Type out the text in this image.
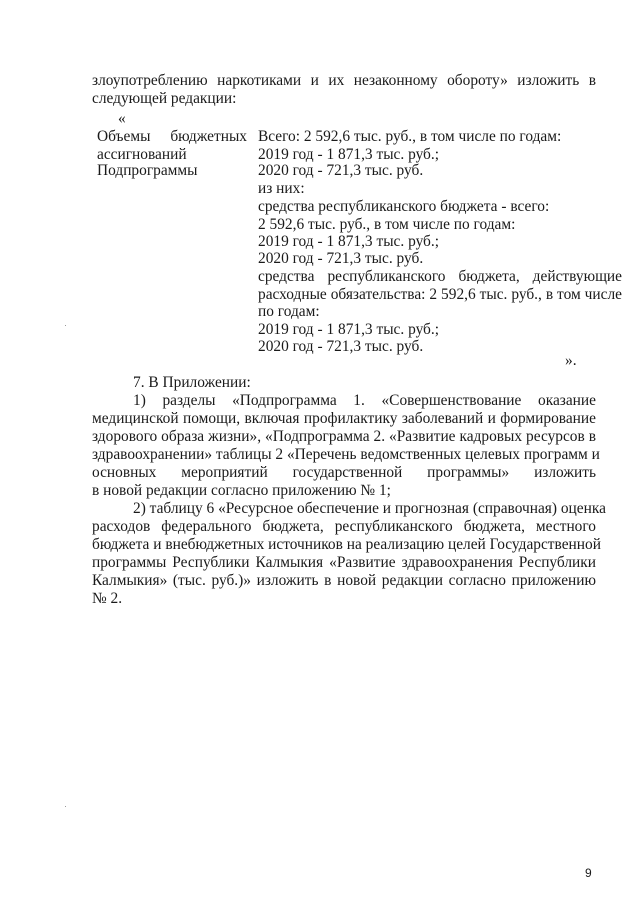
злоупотреблению наркотиками и их незаконному обороту» изложить в
следующей редакции:
«
Объемы бюджетных
ассигнований
Подпрограммы
Всего: 2 592,6 тыс. руб., в том числе по годам:
2019 год - 1 871,3 тыс. руб.;
2020 год - 721,3 тыс. руб.
из них:
средства республиканского бюджета - всего:
2 592,6 тыс. руб., в том числе по годам:
2019 год - 1 871,3 тыс. руб.;
2020 год - 721,3 тыс. руб.
средства республиканского бюджета, действующие
расходные обязательства: 2 592,6 тыс. руб., в том числе
по годам:
2019 год - 1 871,3 тыс. руб.;
2020 год - 721,3 тыс. руб.
».
7. В Приложении:
1) разделы «Подпрограмма 1. «Совершенствование оказание
медицинской помощи, включая профилактику заболеваний и формирование
здорового образа жизни», «Подпрограмма 2. «Развитие кадровых ресурсов в
здравоохранении» таблицы 2 «Перечень ведомственных целевых программ и
основных мероприятий государственной программы» изложить
в новой редакции согласно приложению № 1;
2) таблицу 6 «Ресурсное обеспечение и прогнозная (справочная) оценка
расходов федерального бюджета, республиканского бюджета, местного
бюджета и внебюджетных источников на реализацию целей Государственной
программы Республики Калмыкия «Развитие здравоохранения Республики
Калмыкия» (тыс. руб.)» изложить в новой редакции согласно приложению
№ 2.
9
